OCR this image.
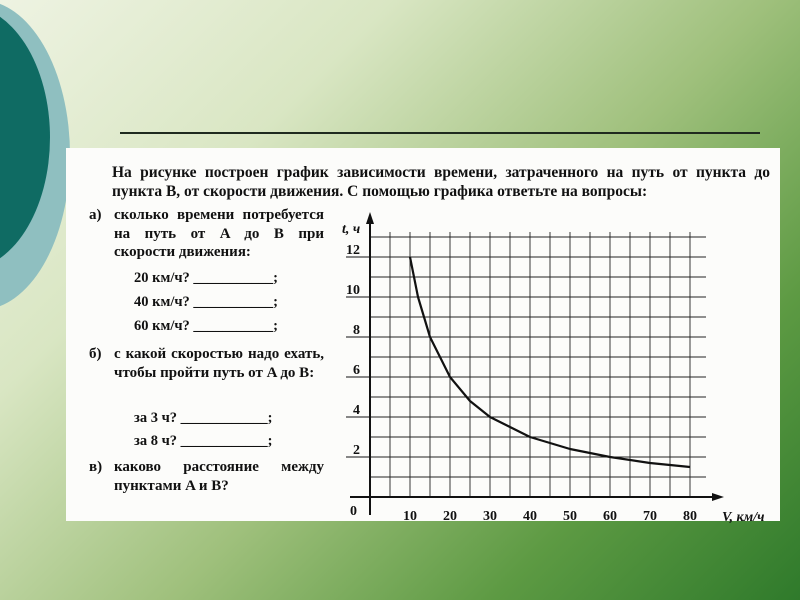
На рисунке построен график зависимости времени, затраченного на путь от пункта до пункта B, от скорости движения. С помощью графика ответьте на вопросы:
а) сколько времени потребуется на путь от A до B при скорости движения:
20 км/ч? ___________;
40 км/ч? ___________;
60 км/ч? ___________;
б) с какой скоростью надо ехать, чтобы пройти путь от A до B:
за 3 ч? ____________;
за 8 ч? ____________;
в) каково расстояние между пунктами A и B?
10 20 30 40 50 60 70 80
2
4
6
8
10
12
V, км/ч
t, ч
0
